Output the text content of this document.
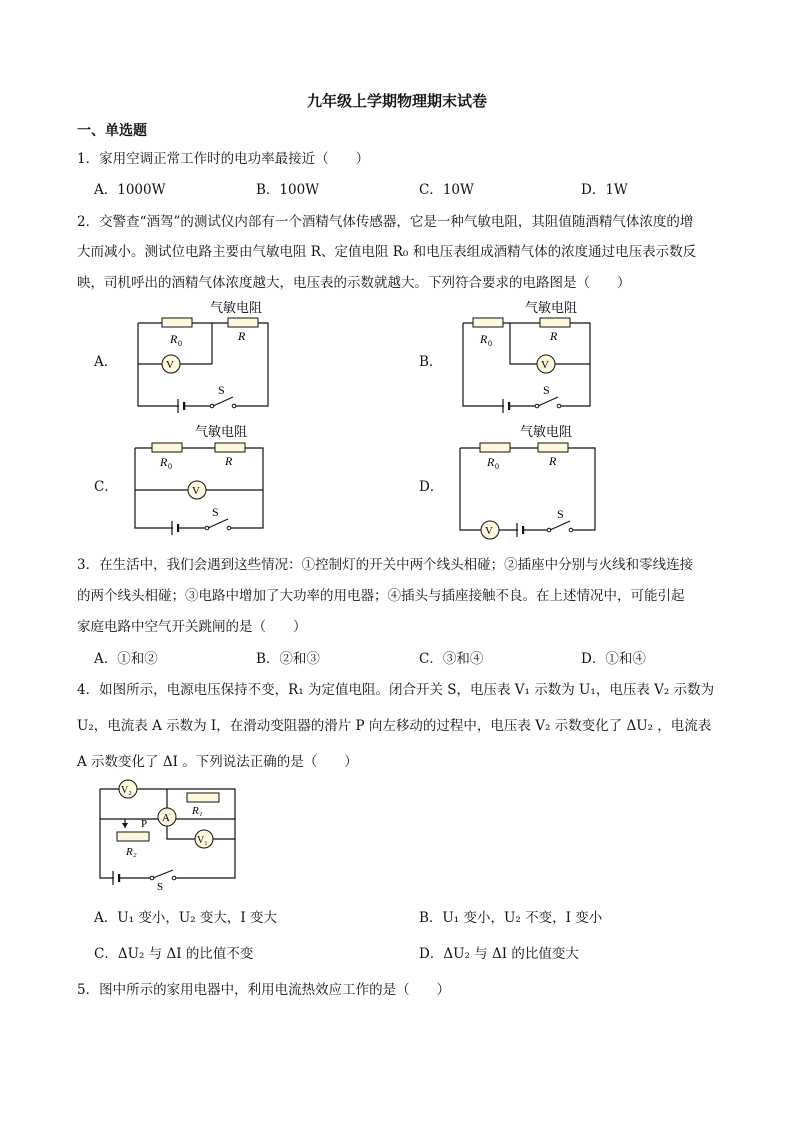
九年级上学期物理期末试卷
一、单选题
1．家用空调正常工作时的电功率最接近（　　）
A．1000W	B．100W	C．10W	D．1W
2．交警查“酒驾”的测试仪内部有一个酒精气体传感器，它是一种气敏电阻，其阻值随酒精气体浓度的增
大而减小。测试位电路主要由气敏电阻 R、定值电阻 R₀ 和电压表组成酒精气体的浓度通过电压表示数反
映，司机呼出的酒精气体浓度越大，电压表的示数就越大。下列符合要求的电路图是（　　）
A．	B．
C．	D．
气敏电阻
R 0
R
V
S
气敏电阻
R 0
R
V
S
气敏电阻
R 0	R
V
S
气敏电阻
R 0	R
V
S
3．在生活中，我们会遇到这些情况：①控制灯的开关中两个线头相碰；②插座中分别与火线和零线连接
的两个线头相碰；③电路中增加了大功率的用电器；④插头与插座接触不良。在上述情况中，可能引起
家庭电路中空气开关跳闸的是（　　）
A．①和②	B．②和③	C．③和④	D．①和④
4．如图所示，电源电压保持不变，R₁ 为定值电阻。闭合开关 S，电压表 V₁ 示数为 U₁，电压表 V₂ 示数为
U₂，电流表 A 示数为 I，在滑动变阻器的滑片 P 向左移动的过程中，电压表 V₂ 示数变化了 ΔU₂ ，电流表
A 示数变化了 ΔI 。下列说法正确的是（　　）
V₂
R₁
A
V₁
P
R₂
S
A．U₁ 变小，U₂ 变大，I 变大	B．U₁ 变小，U₂ 不变，I 变小
C．ΔU₂ 与 ΔI 的比值不变	D．ΔU₂ 与 ΔI 的比值变大
5．图中所示的家用电器中，利用电流热效应工作的是（　　）
